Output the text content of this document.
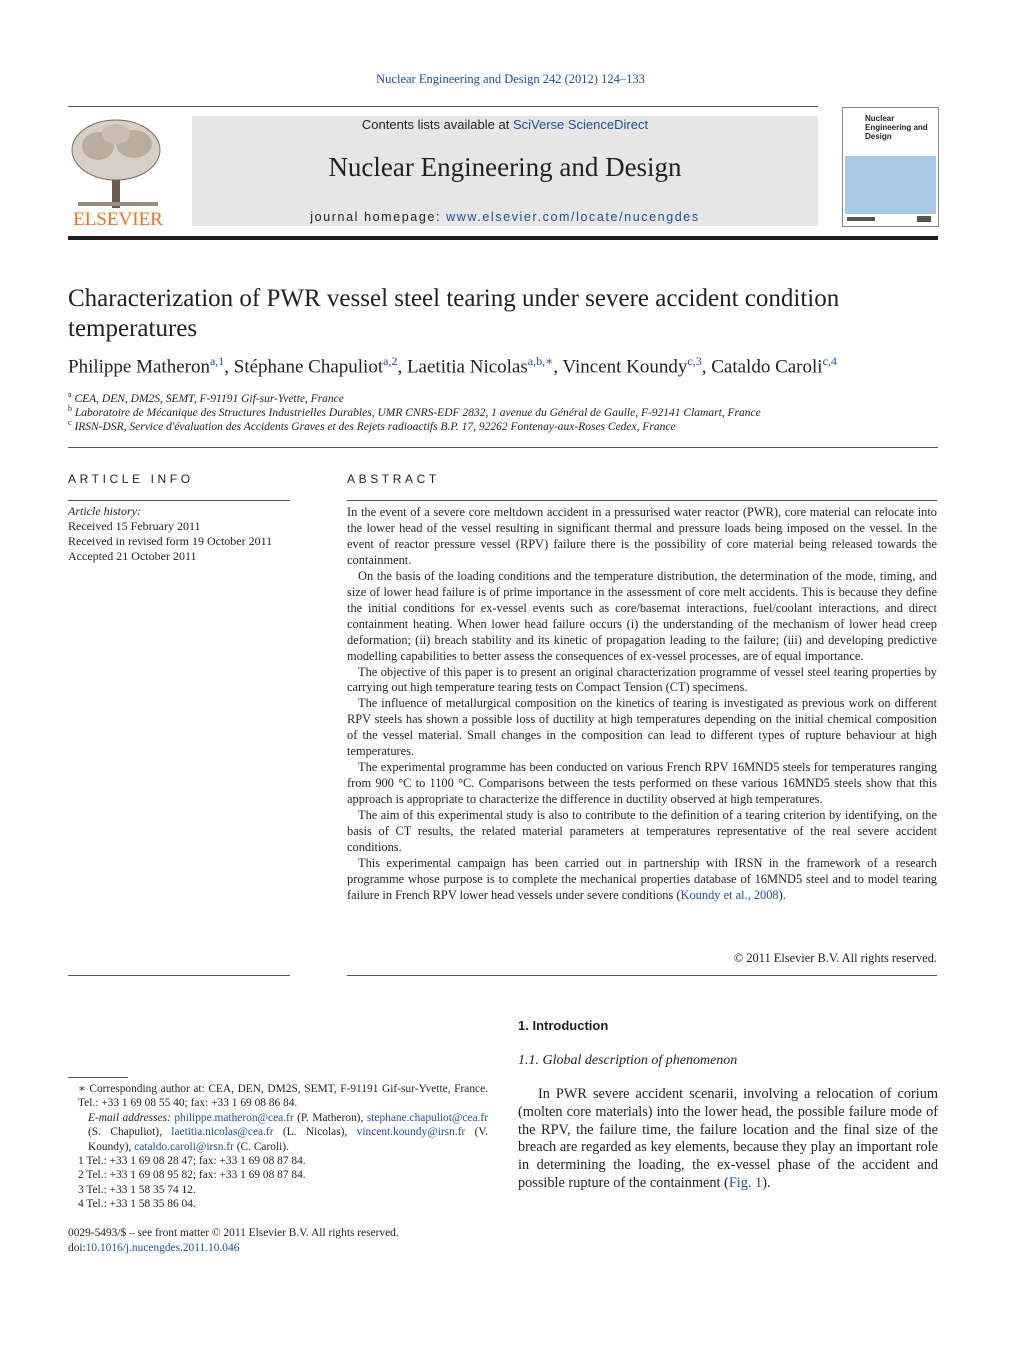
Nuclear Engineering and Design 242 (2012) 124–133
ELSEVIER
Contents lists available at SciVerse ScienceDirect
Nuclear Engineering and Design
journal homepage: www.elsevier.com/locate/nucengdes
Nuclear Engineering and Design
Characterization of PWR vessel steel tearing under severe accident condition temperatures
Philippe Matheron$^{a,1}$, Stéphane Chapuliot$^{a,2}$, Laetitia Nicolas$^{a,b,∗}$, Vincent Koundy$^{c,3}$, Cataldo Caroli$^{c,4}$
$^a$ CEA, DEN, DM2S, SEMT, F-91191 Gif-sur-Yvette, France
$^b$ Laboratoire de Mécanique des Structures Industrielles Durables, UMR CNRS-EDF 2832, 1 avenue du Général de Gaulle, F-92141 Clamart, France
$^c$ IRSN-DSR, Service d'évaluation des Accidents Graves et des Rejets radioactifs B.P. 17, 92262 Fontenay-aux-Roses Cedex, France
ARTICLE INFO
Article history:
Received 15 February 2011
Received in revised form 19 October 2011
Accepted 21 October 2011
ABSTRACT

In the event of a severe core meltdown accident in a pressurised water reactor (PWR), core material can relocate into the lower head of the vessel resulting in significant thermal and pressure loads being imposed on the vessel. In the event of reactor pressure vessel (RPV) failure there is the possibility of core material being released towards the containment.

On the basis of the loading conditions and the temperature distribution, the determination of the mode, timing, and size of lower head failure is of prime importance in the assessment of core melt accidents. This is because they define the initial conditions for ex-vessel events such as core/basemat interactions, fuel/coolant interactions, and direct containment heating. When lower head failure occurs (i) the understanding of the mechanism of lower head creep deformation; (ii) breach stability and its kinetic of propagation leading to the failure; (iii) and developing predictive modelling capabilities to better assess the consequences of ex-vessel processes, are of equal importance.

The objective of this paper is to present an original characterization programme of vessel steel tearing properties by carrying out high temperature tearing tests on Compact Tension (CT) specimens.

The influence of metallurgical composition on the kinetics of tearing is investigated as previous work on different RPV steels has shown a possible loss of ductility at high temperatures depending on the initial chemical composition of the vessel material. Small changes in the composition can lead to different types of rupture behaviour at high temperatures.

The experimental programme has been conducted on various French RPV 16MND5 steels for temperatures ranging from 900 °C to 1100 °C. Comparisons between the tests performed on these various 16MND5 steels show that this approach is appropriate to characterize the difference in ductility observed at high temperatures.

The aim of this experimental study is also to contribute to the definition of a tearing criterion by identifying, on the basis of CT results, the related material parameters at temperatures representative of the real severe accident conditions.

This experimental campaign has been carried out in partnership with IRSN in the framework of a research programme whose purpose is to complete the mechanical properties database of 16MND5 steel and to model tearing failure in French RPV lower head vessels under severe conditions (Koundy et al., 2008).

© 2011 Elsevier B.V. All rights reserved.
1. Introduction
1.1. Global description of phenomenon
In PWR severe accident scenarii, involving a relocation of corium (molten core materials) into the lower head, the possible failure mode of the RPV, the failure time, the failure location and the final size of the breach are regarded as key elements, because they play an important role in determining the loading, the ex-vessel phase of the accident and possible rupture of the containment (Fig. 1).
∗ Corresponding author at: CEA, DEN, DM2S, SEMT, F-91191 Gif-sur-Yvette, France. Tel.: +33 1 69 08 55 40; fax: +33 1 69 08 86 84.
E-mail addresses: philippe.matheron@cea.fr (P. Matheron), stephane.chapuliot@cea.fr (S. Chapuliot), laetitia.nicolas@cea.fr (L. Nicolas), vincent.koundy@irsn.fr (V. Koundy), cataldo.caroli@irsn.fr (C. Caroli).
1 Tel.: +33 1 69 08 28 47; fax: +33 1 69 08 87 84.
2 Tel.: +33 1 69 08 95 82; fax: +33 1 69 08 87 84.
3 Tel.: +33 1 58 35 74 12.
4 Tel.: +33 1 58 35 86 04.
0029-5493/$ – see front matter © 2011 Elsevier B.V. All rights reserved.
doi:10.1016/j.nucengdes.2011.10.046
